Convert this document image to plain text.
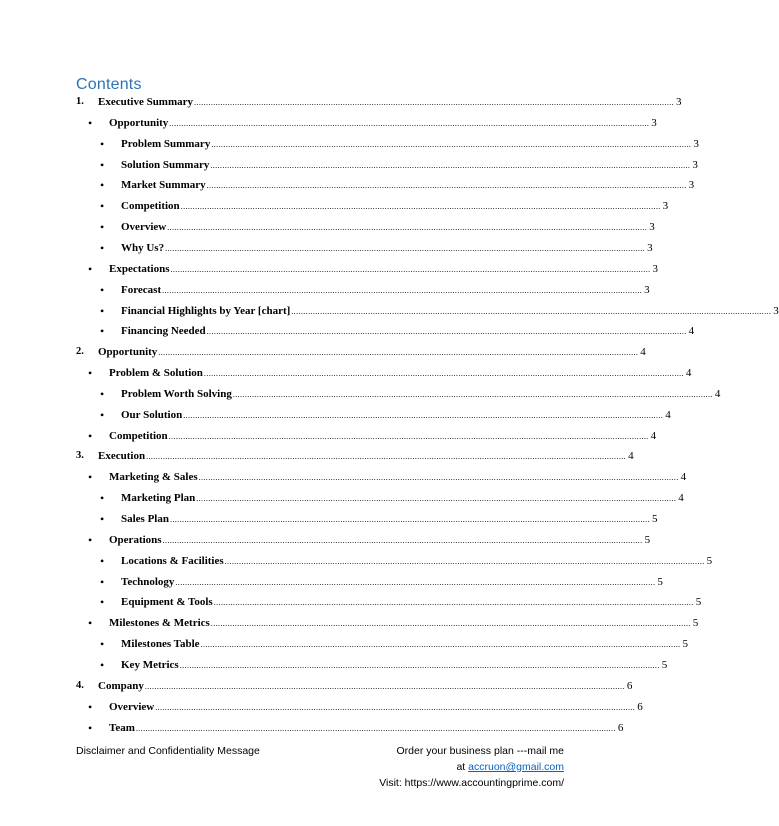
Contents
1. Executive Summary ........................................................................................................................................................................................................ 3
• Opportunity ........................................................................................................................................................................................................ 3
• Problem Summary ........................................................................................................................................................................................................ 3
• Solution Summary ........................................................................................................................................................................................................ 3
• Market Summary ........................................................................................................................................................................................................ 3
• Competition ........................................................................................................................................................................................................ 3
• Overview ........................................................................................................................................................................................................ 3
• Why Us? ........................................................................................................................................................................................................ 3
• Expectations ........................................................................................................................................................................................................ 3
• Forecast ........................................................................................................................................................................................................ 3
• Financial Highlights by Year [chart] ........................................................................................................................................................................................................ 3
• Financing Needed ........................................................................................................................................................................................................ 4
2. Opportunity ........................................................................................................................................................................................................ 4
• Problem & Solution ........................................................................................................................................................................................................ 4
• Problem Worth Solving ........................................................................................................................................................................................................ 4
• Our Solution ........................................................................................................................................................................................................ 4
• Competition ........................................................................................................................................................................................................ 4
3. Execution ........................................................................................................................................................................................................ 4
• Marketing & Sales ........................................................................................................................................................................................................ 4
• Marketing Plan ........................................................................................................................................................................................................ 4
• Sales Plan ........................................................................................................................................................................................................ 5
• Operations ........................................................................................................................................................................................................ 5
• Locations & Facilities ........................................................................................................................................................................................................ 5
• Technology ........................................................................................................................................................................................................ 5
• Equipment & Tools ........................................................................................................................................................................................................ 5
• Milestones & Metrics ........................................................................................................................................................................................................ 5
• Milestones Table ........................................................................................................................................................................................................ 5
• Key Metrics ........................................................................................................................................................................................................ 5
4. Company ........................................................................................................................................................................................................ 6
• Overview ........................................................................................................................................................................................................ 6
• Team ........................................................................................................................................................................................................ 6
Disclaimer and Confidentiality Message	Order your business plan ---mail me
at accruon@gmail.com
Visit: https://www.accountingprime.com/
